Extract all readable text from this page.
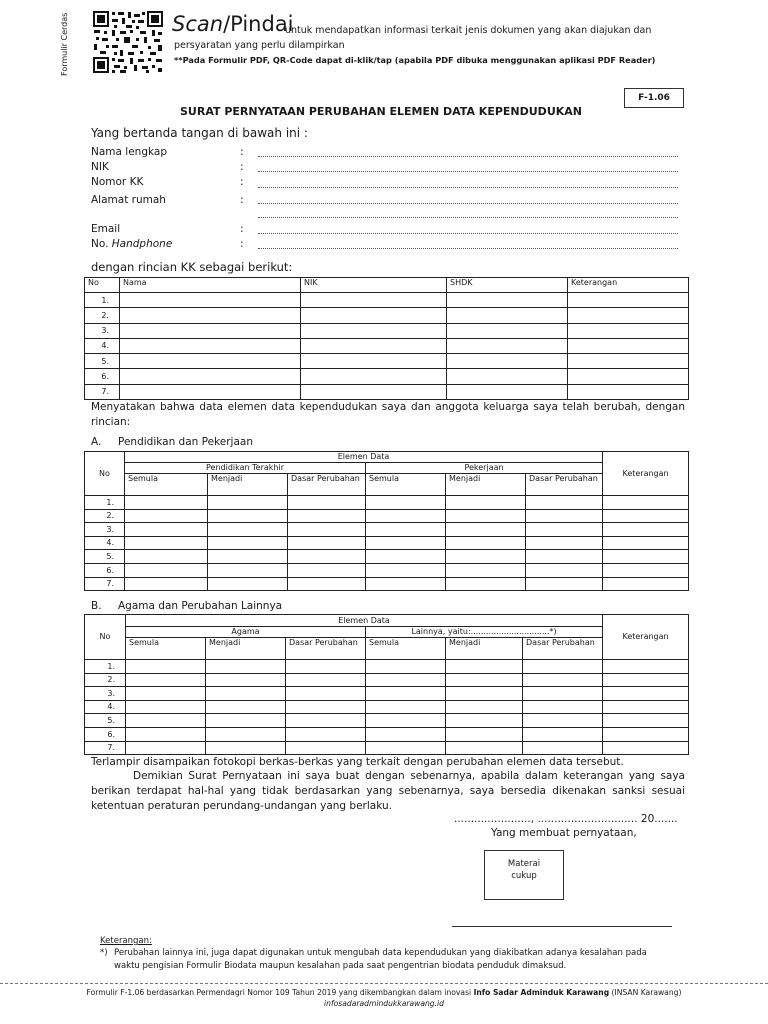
Formulir Cerdas	Scan/Pindai
untuk mendapatkan informasi terkait jenis dokumen yang akan diajukan dan
persyaratan yang perlu dilampirkan
**Pada Formulir PDF, QR-Code dapat di-klik/tap (apabila PDF dibuka menggunakan aplikasi PDF Reader)
F-1.06
SURAT PERNYATAAN PERUBAHAN ELEMEN DATA KEPENDUDUKAN
Yang bertanda tangan di bawah ini :
Nama lengkap	:
NIK	:
Nomor KK	:
Alamat rumah	:
Email	:
No. Handphone	:
dengan rincian KK sebagai berikut:
No	Nama	NIK	SHDK	Keterangan
1.				
2.				
3.				
4.				
5.				
6.				
7.				
Menyatakan bahwa data elemen data kependudukan saya dan anggota keluarga saya telah berubah, dengan rincian:
A. Pendidikan dan Pekerjaan
No	Elemen Data						Keterangan
	Pendidikan Terakhir			Pekerjaan			
	Semula	Menjadi	Dasar Perubahan	Semula	Menjadi	Dasar Perubahan	
1.							
2.							
3.							
4.							
5.							
6.							
7.							
B. Agama dan Perubahan Lainnya
No	Elemen Data						Keterangan
	Agama			Lainnya, yaitu:...............................*)			
	Semula	Menjadi	Dasar Perubahan	Semula	Menjadi	Dasar Perubahan	
1.							
2.							
3.							
4.							
5.							
6.							
7.							
Terlampir disampaikan fotokopi berkas-berkas yang terkait dengan perubahan elemen data tersebut.
Demikian Surat Pernyataan ini saya buat dengan sebenarnya, apabila dalam keterangan yang saya berikan terdapat hal-hal yang tidak berdasarkan yang sebenarnya, saya bersedia dikenakan sanksi sesuai ketentuan peraturan perundang-undangan yang berlaku.
......................., .............................. 20.......
Yang membuat pernyataan,
Materai
cukup
Keterangan:
*) Perubahan lainnya ini, juga dapat digunakan untuk mengubah data kependudukan yang diakibatkan adanya kesalahan pada
waktu pengisian Formulir Biodata maupun kesalahan pada saat pengentrian biodata penduduk dimaksud.
Formulir F-1.06 berdasarkan Permendagri Nomor 109 Tahun 2019 yang dikembangkan dalam inovasi Info Sadar Adminduk Karawang (INSAN Karawang)
infosadaradmindukkarawang.id
